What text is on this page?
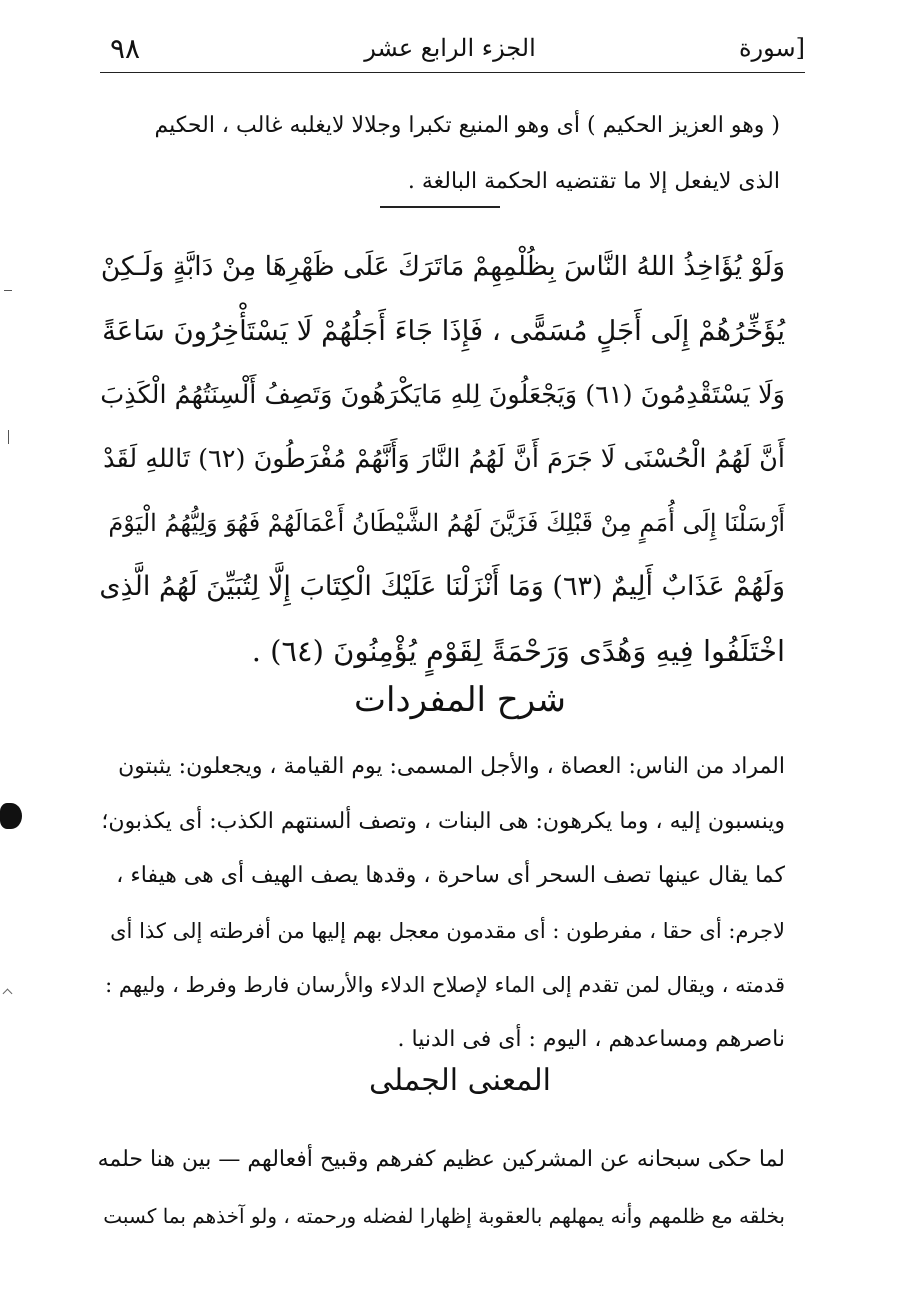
٩٨	الجزء الرابع عشر	[سورة
( وهو العزيز الحكيم ) أى وهو المنيع تكبرا وجلالا لايغلبه غالب ، الحكيم
الذى لايفعل إلا ما تقتضيه الحكمة البالغة .
وَلَوْ يُؤَاخِذُ اللهُ النَّاسَ بِظُلْمِهِمْ مَاتَرَكَ عَلَى ظَهْرِهَا مِنْ دَابَّةٍ وَلَـكِنْ
يُؤَخِّرُهُمْ إِلَى أَجَلٍ مُسَمًّى ، فَإِذَا جَاءَ أَجَلُهُمْ لَا يَسْتَأْخِرُونَ سَاعَةً
وَلَا يَسْتَقْدِمُونَ (٦١) وَيَجْعَلُونَ لِلهِ مَايَكْرَهُونَ وَتَصِفُ أَلْسِنَتُهُمُ الْكَذِبَ
أَنَّ لَهُمُ الْحُسْنَى لَا جَرَمَ أَنَّ لَهُمُ النَّارَ وَأَنَّهُمْ مُفْرَطُونَ (٦٢) تَاللهِ لَقَدْ
أَرْسَلْنَا إِلَى أُمَمٍ مِنْ قَبْلِكَ فَزَيَّنَ لَهُمُ الشَّيْطَانُ أَعْمَالَهُمْ فَهُوَ وَلِيُّهُمُ الْيَوْمَ
وَلَهُمْ عَذَابٌ أَلِيمٌ (٦٣) وَمَا أَنْزَلْنَا عَلَيْكَ الْكِتَابَ إِلَّا لِتُبَيِّنَ لَهُمُ الَّذِى
اخْتَلَفُوا فِيهِ وَهُدًى وَرَحْمَةً لِقَوْمٍ يُؤْمِنُونَ (٦٤) .
شرح المفردات
المراد من الناس: العصاة ، والأجل المسمى: يوم القيامة ، ويجعلون: يثبتون
وينسبون إليه ، وما يكرهون: هى البنات ، وتصف ألسنتهم الكذب: أى يكذبون؛
كما يقال عينها تصف السحر أى ساحرة ، وقدها يصف الهيف أى هى هيفاء ،
لاجرم: أى حقا ، مفرطون : أى مقدمون معجل بهم إليها من أفرطته إلى كذا أى
قدمته ، ويقال لمن تقدم إلى الماء لإصلاح الدلاء والأرسان فارط وفرط ، وليهم :
ناصرهم ومساعدهم ، اليوم : أى فى الدنيا .
المعنى الجملى
لما حكى سبحانه عن المشركين عظيم كفرهم وقبيح أفعالهم — بين هنا حلمه
بخلقه مع ظلمهم وأنه يمهلهم بالعقوبة إظهارا لفضله ورحمته ، ولو آخذهم بما كسبت
